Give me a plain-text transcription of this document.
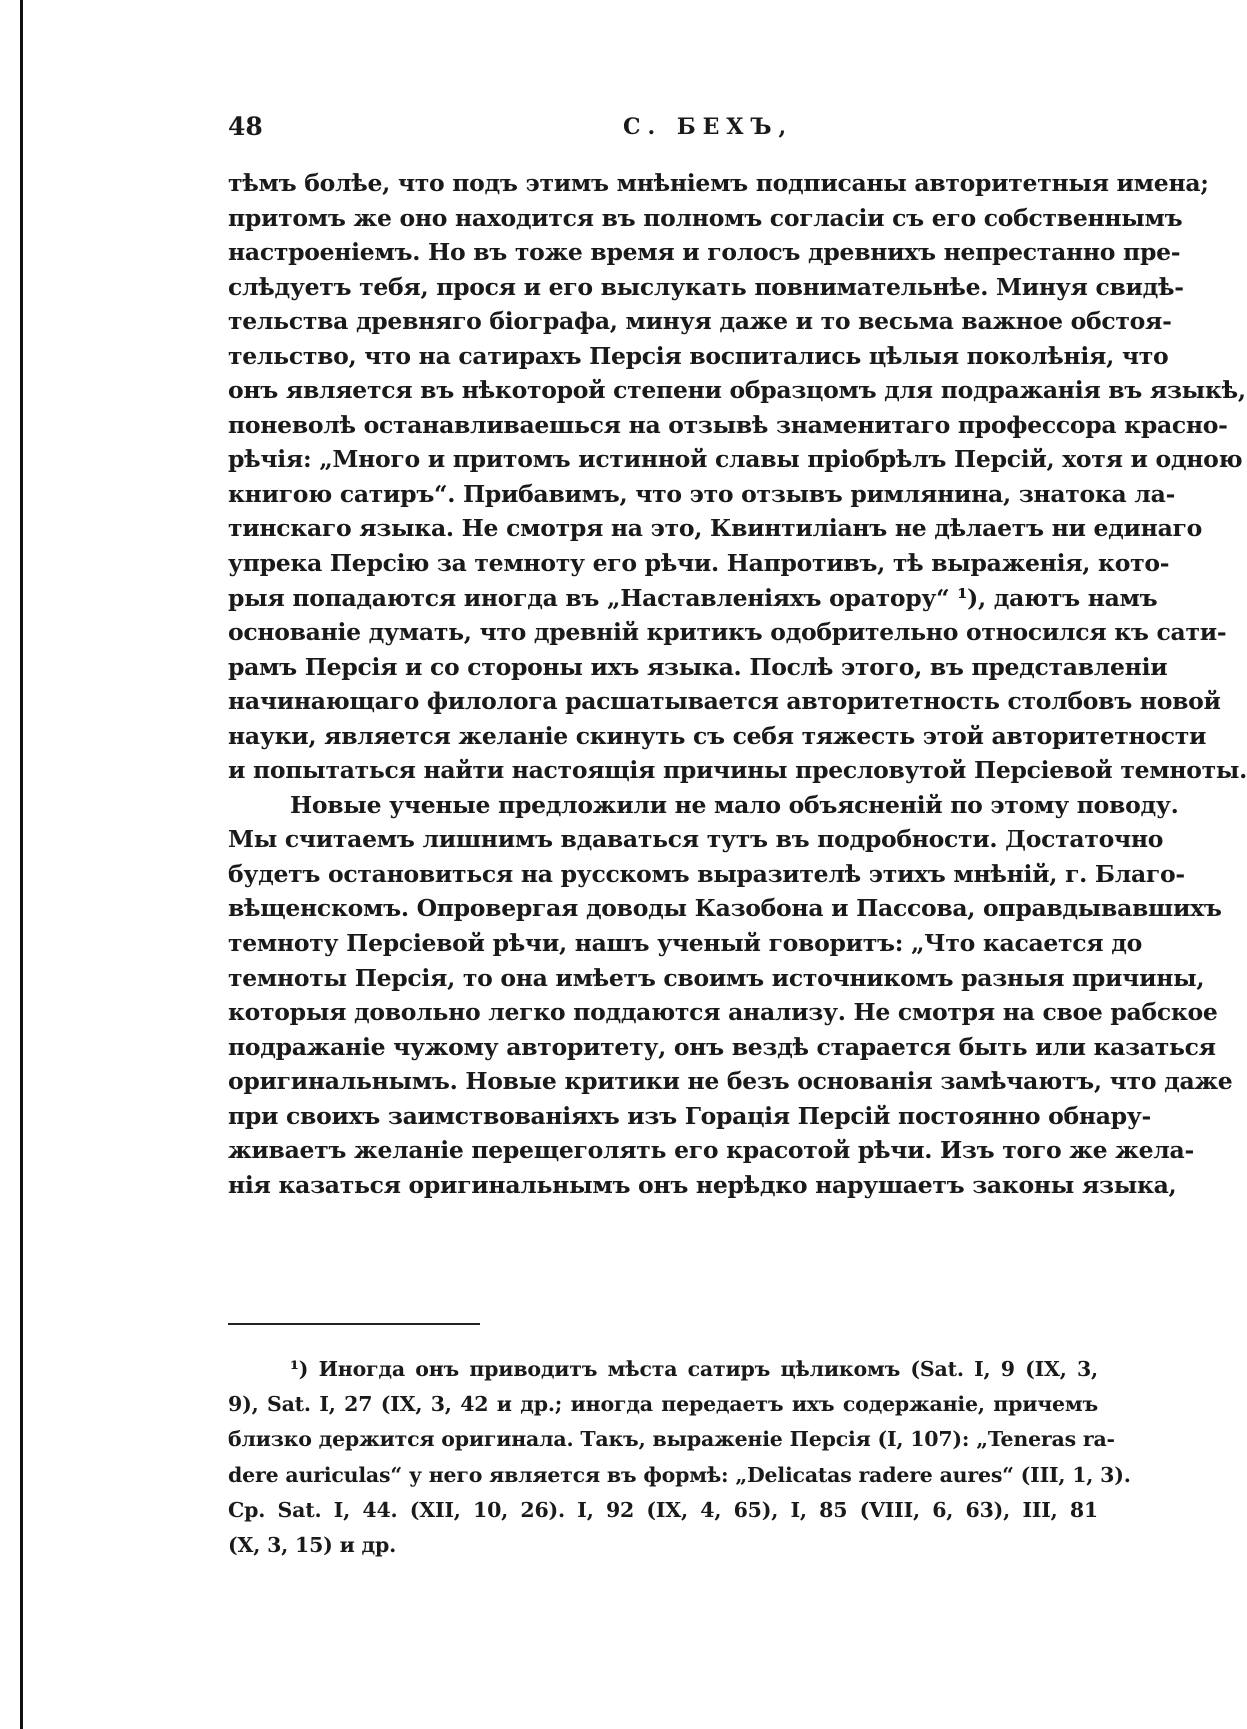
48	С. БЕХЪ,
тѣмъ болѣе, что подъ этимъ мнѣніемъ подписаны авторитетныя имена;
притомъ же оно находится въ полномъ согласіи съ его собственнымъ
настроеніемъ. Но въ тоже время и голосъ древнихъ непрестанно пре-
слѣдуетъ тебя, прося и его выслукать повнимательнѣе. Минуя свидѣ-
тельства древняго біографа, минуя даже и то весьма важное обстоя-
тельство, что на сатирахъ Персія воспитались цѣлыя поколѣнія, что
онъ является въ нѣкоторой степени образцомъ для подражанія въ языкѣ,
поневолѣ останавливаешься на отзывѣ знаменитаго профессора красно-
рѣчія: „Много и притомъ истинной славы пріобрѣлъ Персій, хотя и одною
книгою сатиръ“. Прибавимъ, что это отзывъ римлянина, знатока ла-
тинскаго языка. Не смотря на это, Квинтиліанъ не дѣлаетъ ни единаго
упрека Персію за темноту его рѣчи. Напротивъ, тѣ выраженія, кото-
рыя попадаются иногда въ „Наставленіяхъ оратору“ ¹), даютъ намъ
основаніе думать, что древній критикъ одобрительно относился къ сати-
рамъ Персія и со стороны ихъ языка. Послѣ этого, въ представленіи
начинающаго филолога расшатывается авторитетность столбовъ новой
науки, является желаніе скинуть съ себя тяжесть этой авторитетности
и попытаться найти настоящія причины пресловутой Персіевой темноты.
Новые ученые предложили не мало объясненій по этому поводу.
Мы считаемъ лишнимъ вдаваться тутъ въ подробности. Достаточно
будетъ остановиться на русскомъ выразителѣ этихъ мнѣній, г. Благо-
вѣщенскомъ. Опровергая доводы Казобона и Пассова, оправдывавшихъ
темноту Персіевой рѣчи, нашъ ученый говоритъ: „Что касается до
темноты Персія, то она имѣетъ своимъ источникомъ разныя причины,
которыя довольно легко поддаются анализу. Не смотря на свое рабское
подражаніе чужому авторитету, онъ вездѣ старается быть или казаться
оригинальнымъ. Новые критики не безъ основанія замѣчаютъ, что даже
при своихъ заимствованіяхъ изъ Горація Персій постоянно обнару-
живаетъ желаніе перещеголять его красотой рѣчи. Изъ того же жела-
нія казаться оригинальнымъ онъ нерѣдко нарушаетъ законы языка,
¹) Иногда онъ приводитъ мѣста сатиръ цѣликомъ (Sat. I, 9 (IX, 3,
9), Sat. I, 27 (IX, 3, 42 и др.; иногда передаетъ ихъ содержаніе, причемъ
близко держится оригинала. Такъ, выраженіе Персія (I, 107): „Teneras ra-
dere auriculas“ у него является въ формѣ: „Delicatas radere aures“ (III, 1, 3).
Cp. Sat. I, 44. (XII, 10, 26). I, 92 (IX, 4, 65), I, 85 (VIII, 6, 63), III, 81
(X, 3, 15) и др.
